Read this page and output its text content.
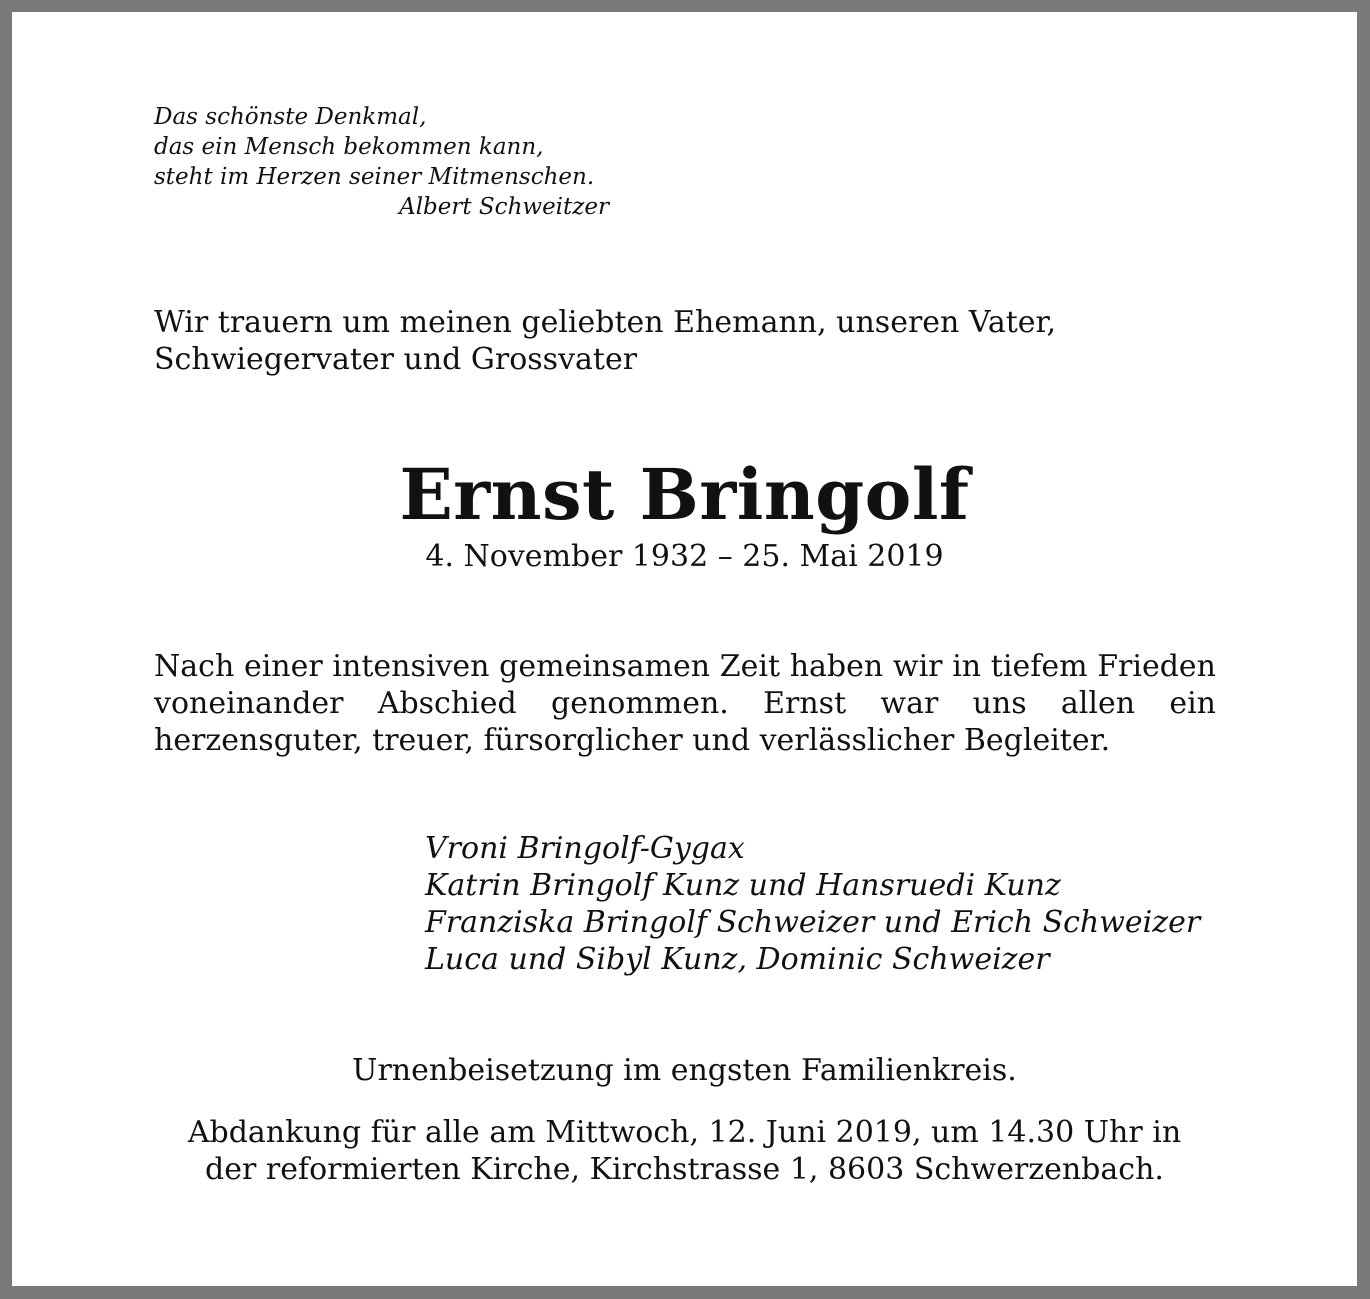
Das schönste Denkmal,
das ein Mensch bekommen kann,
steht im Herzen seiner Mitmenschen.
Albert Schweitzer
Wir trauern um meinen geliebten Ehemann, unseren Vater,
Schwiegervater und Grossvater
Ernst Bringolf
4. November 1932 – 25. Mai 2019
Nach einer intensiven gemeinsamen Zeit haben wir in tiefem Frieden voneinander Abschied genommen. Ernst war uns allen ein herzensguter, treuer, fürsorglicher und verlässlicher Begleiter.
Vroni Bringolf-Gygax
Katrin Bringolf Kunz und Hansruedi Kunz
Franziska Bringolf Schweizer und Erich Schweizer
Luca und Sibyl Kunz, Dominic Schweizer
Urnenbeisetzung im engsten Familienkreis.
Abdankung für alle am Mittwoch, 12. Juni 2019, um 14.30 Uhr in
der reformierten Kirche, Kirchstrasse 1, 8603 Schwerzenbach.
